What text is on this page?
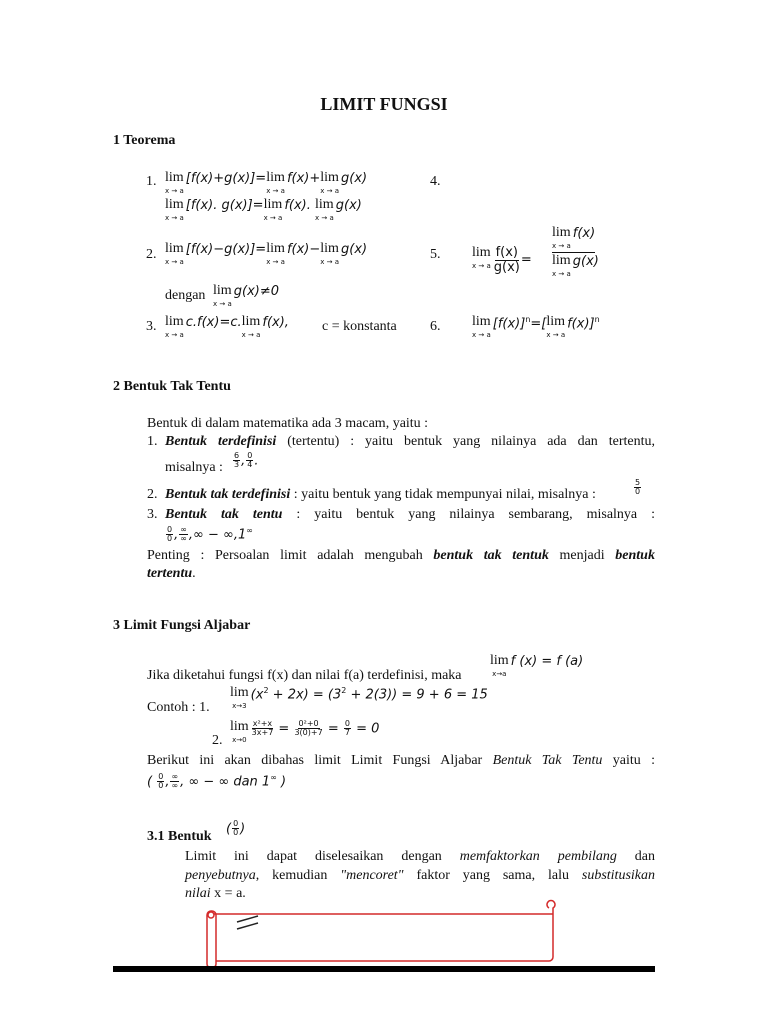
LIMIT FUNGSI
1 Teorema
1. lim
x → a
[f(x)+g(x)]= lim
x → a
f(x)+ lim
x → a
g(x)
lim
x → a
[f(x). g(x)]= lim
x → a
f(x). lim
x → a
g(x)
4.
2. lim
x → a
[f(x)−g(x)]= lim
x → a
f(x)− lim
x → a
g(x)	5. lim
x → a $\frac{f(x)}{g(x)}$ =
lim
x → a
f(x)
lim
x → a
g(x)
dengan lim
x → a
g(x)≠0
3. lim
x → a
c.f(x)=c. lim
x → a
f(x), c = konstanta 6. lim
x → a
$[f(x)]^n=$[ lim
x → a
f(x)]$^n$
2 Bentuk Tak Tentu
Bentuk di dalam matematika ada 3 macam, yaitu :
1. Bentuk terdefinisi (tertentu) : yaitu bentuk yang nilainya ada dan tertentu,
misalnya : $\frac{6}{3}$ , $\frac{0}{4}$ .
2. Bentuk tak terdefinisi : yaitu bentuk yang tidak mempunyai nilai, misalnya :	$\frac{5}{0}$
3. Bentuk tak tentu : yaitu bentuk yang nilainya sembarang, misalnya :
$\frac{0}{0}$ , $\frac{\infty}{\infty}$ ,∞ − ∞,1∞
Penting : Persoalan limit adalah mengubah bentuk tak tentuk menjadi bentuk
tertentu.
3 Limit Fungsi Aljabar
Jika diketahui fungsi f(x) dan nilai f(a) terdefinisi, maka
lim
x→a
f (x) = f (a)
Contoh : 1.
lim
x→3
$(x^2 + 2x) = (3^2 + 2(3)) = 9 + 6 = 15$
2.
lim
x→0
$\frac{\text{x²+x}}{3x+7} = \frac{\text{0²+0}}{3(0)+7} = \frac{0}{7} = 0$
Berikut ini akan dibahas limit Limit Fungsi Aljabar Bentuk Tak Tentu yaitu :
( $\frac{0}{0}$ , $\frac{\infty}{\infty}$ , ∞ − ∞ dan 1∞ )
3.1 Bentuk
( $\frac{0}{0}$ )
Limit ini dapat diselesaikan dengan memfaktorkan pembilang dan
penyebutnya, kemudian "mencoret" faktor yang sama, lalu substitusikan
nilai x = a.
